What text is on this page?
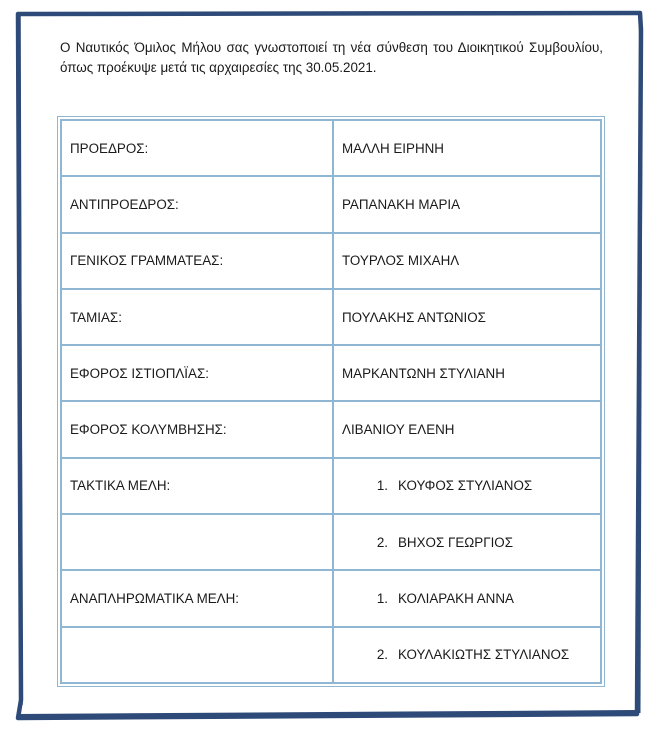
Ο Ναυτικός Όμιλος Μήλου σας γνωστοποιεί τη νέα σύνθεση του Διοικητικού Συμβουλίου, όπως προέκυψε μετά τις αρχαιρεσίες της 30.05.2021.

ΠΡΟΕΔΡΟΣ:	ΜΑΛΛΗ ΕΙΡΗΝΗ
ΑΝΤΙΠΡΟΕΔΡΟΣ:	ΡΑΠΑΝΑΚΗ ΜΑΡΙΑ
ΓΕΝΙΚΟΣ ΓΡΑΜΜΑΤΕΑΣ:	ΤΟΥΡΛΟΣ ΜΙΧΑΗΛ
ΤΑΜΙΑΣ:	ΠΟΥΛΑΚΗΣ ΑΝΤΩΝΙΟΣ
ΕΦΟΡΟΣ ΙΣΤΙΟΠΛΪΑΣ:	ΜΑΡΚΑΝΤΩΝΗ ΣΤΥΛΙΑΝΗ
ΕΦΟΡΟΣ ΚΟΛΥΜΒΗΣΗΣ:	ΛΙΒΑΝΙΟΥ ΕΛΕΝΗ
ΤΑΚΤΙΚΑ ΜΕΛΗ:	1. ΚΟΥΦΟΣ ΣΤΥΛΙΑΝΟΣ
	2. ΒΗΧΟΣ ΓΕΩΡΓΙΟΣ
ΑΝΑΠΛΗΡΩΜΑΤΙΚΑ ΜΕΛΗ:	1. ΚΟΛΙΑΡΑΚΗ ΑΝΝΑ
	2. ΚΟΥΛΑΚΙΩΤΗΣ ΣΤΥΛΙΑΝΟΣ
